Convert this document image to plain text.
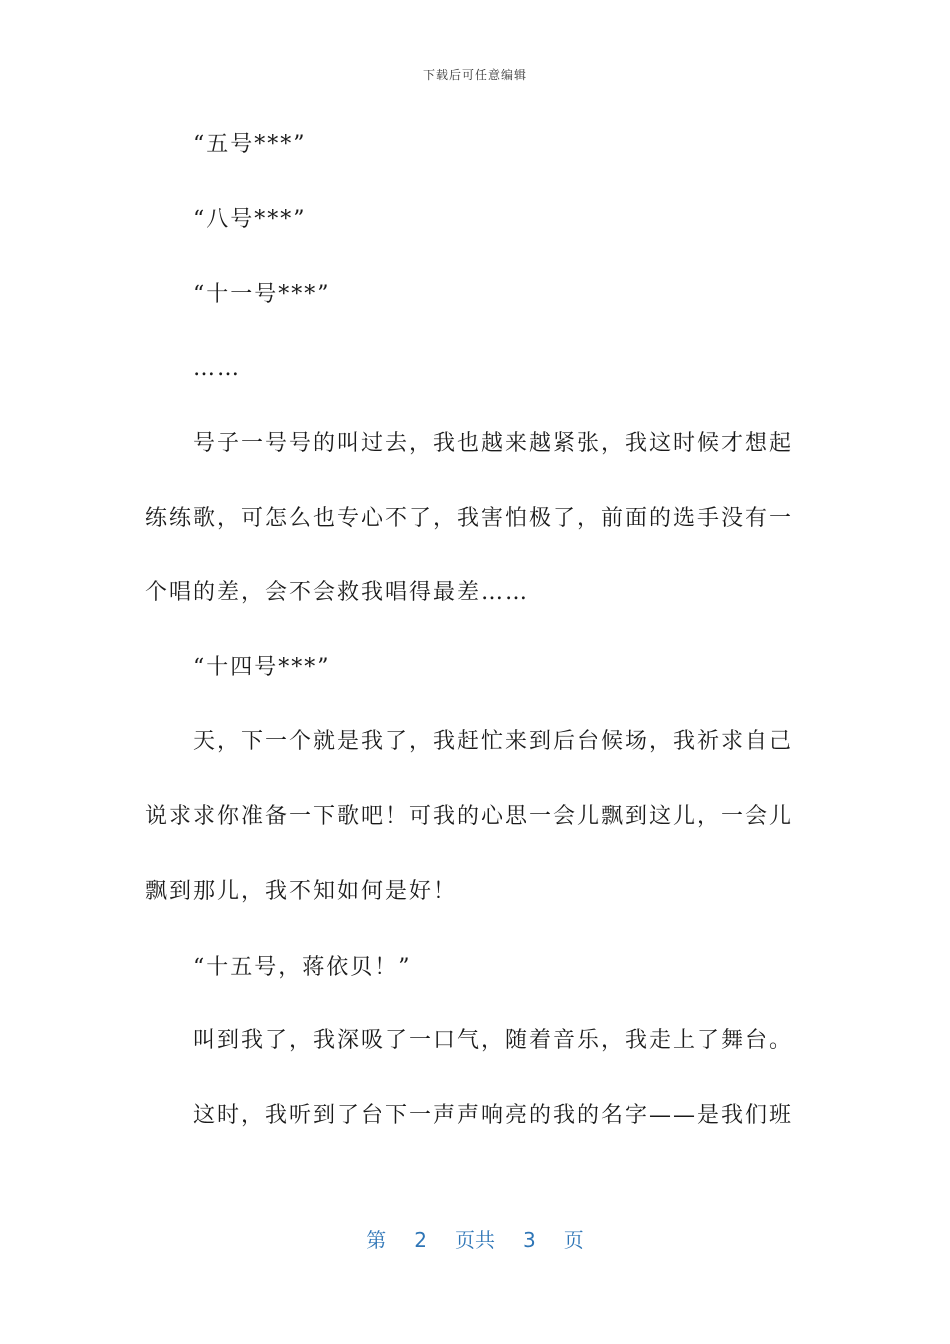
下载后可任意编辑
“五号***”
“八号***”
“十一号***”
……
号子一号号的叫过去，我也越来越紧张，我这时候才想起
练练歌，可怎么也专心不了，我害怕极了，前面的选手没有一
个唱的差，会不会救我唱得最差……
“十四号***”
天，下一个就是我了，我赶忙来到后台候场，我祈求自己
说求求你准备一下歌吧！可我的心思一会儿飘到这儿，一会儿
飘到那儿，我不知如何是好！
“十五号，蒋依贝！”
叫到我了，我深吸了一口气，随着音乐，我走上了舞台。
这时，我听到了台下一声声响亮的我的名字——是我们班
第 2 页共 3 页
